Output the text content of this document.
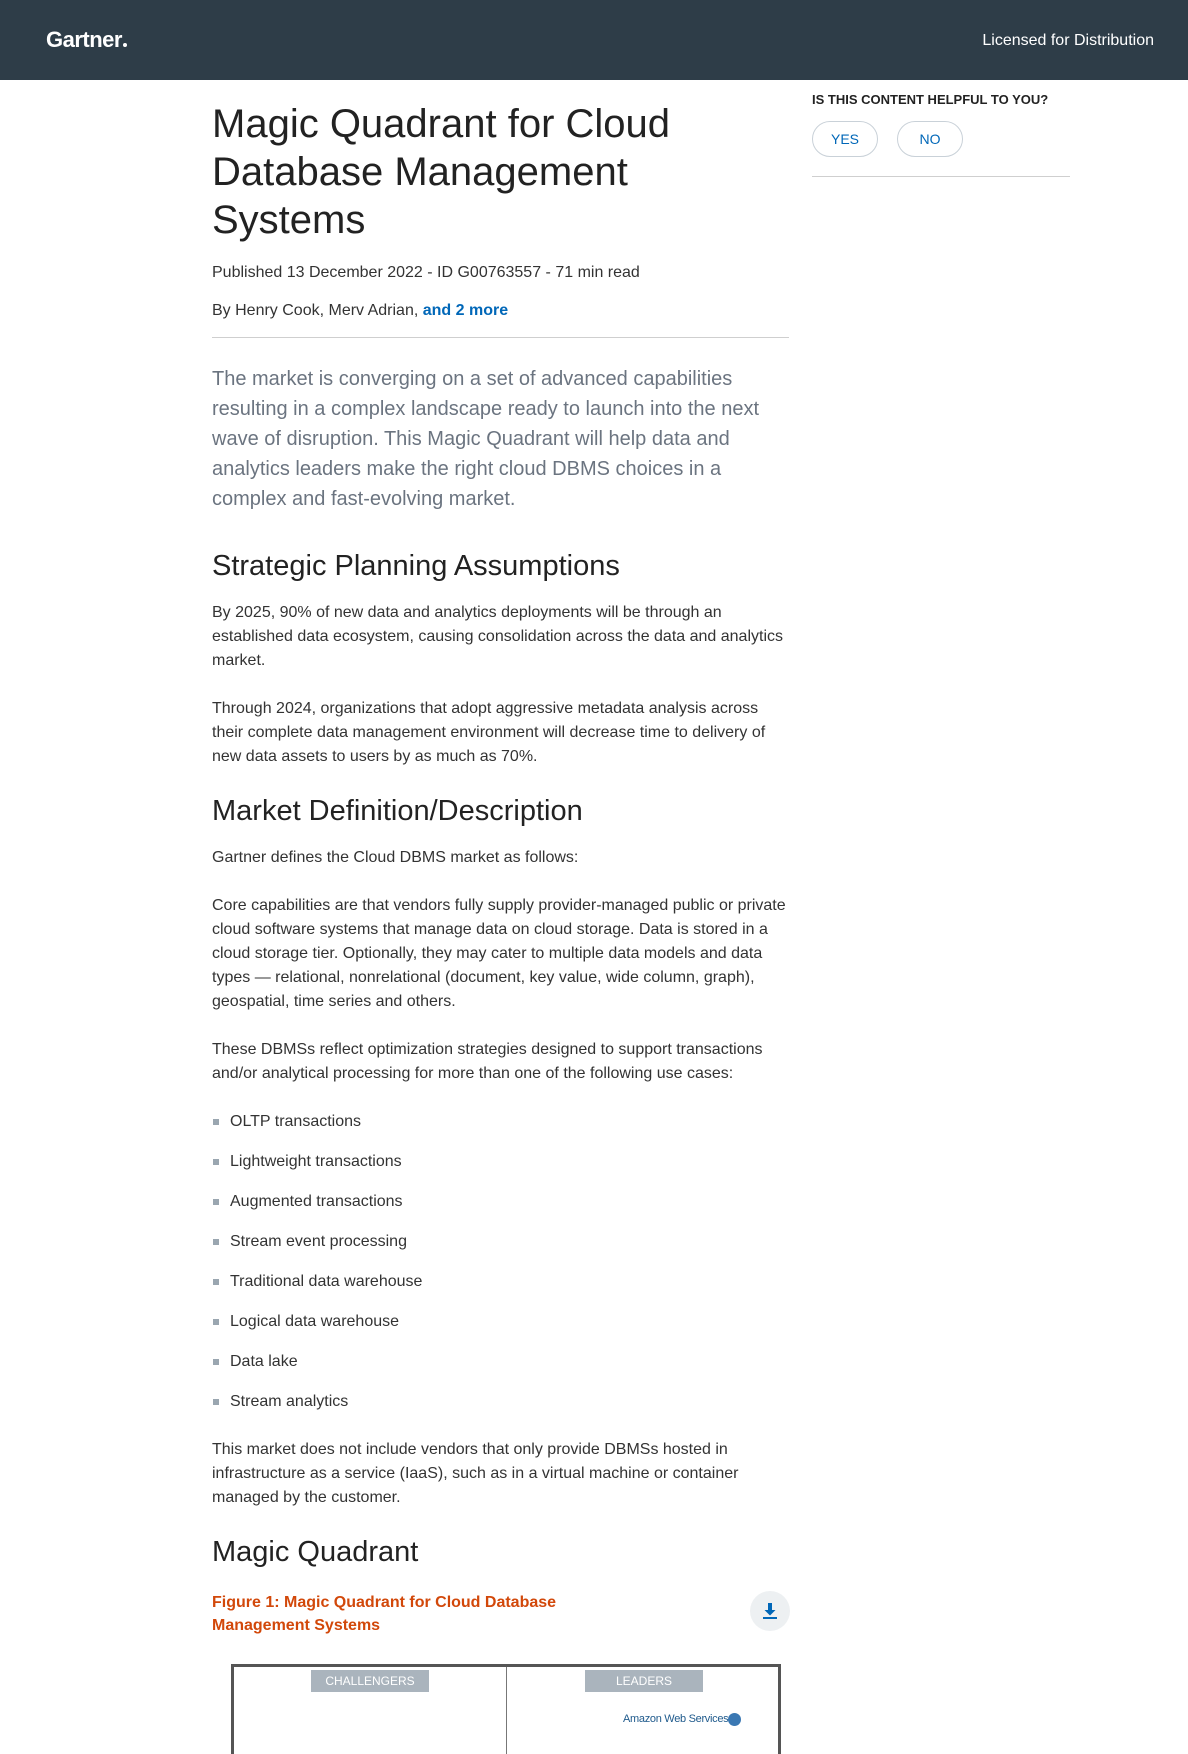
Gartner	Licensed for Distribution
Magic Quadrant for Cloud Database Management Systems
Published 13 December 2022 - ID G00763557 - 71 min read
By Henry Cook, Merv Adrian, and 2 more

The market is converging on a set of advanced capabilities resulting in a complex landscape ready to launch into the next wave of disruption. This Magic Quadrant will help data and analytics leaders make the right cloud DBMS choices in a complex and fast-evolving market.

Strategic Planning Assumptions

By 2025, 90% of new data and analytics deployments will be through an established data ecosystem, causing consolidation across the data and analytics market.

Through 2024, organizations that adopt aggressive metadata analysis across their complete data management environment will decrease time to delivery of new data assets to users by as much as 70%.

Market Definition/Description

Gartner defines the Cloud DBMS market as follows:

Core capabilities are that vendors fully supply provider-managed public or private cloud software systems that manage data on cloud storage. Data is stored in a cloud storage tier. Optionally, they may cater to multiple data models and data types — relational, nonrelational (document, key value, wide column, graph), geospatial, time series and others.

These DBMSs reflect optimization strategies designed to support transactions and/or analytical processing for more than one of the following use cases:

OLTP transactions
Lightweight transactions
Augmented transactions
Stream event processing
Traditional data warehouse
Logical data warehouse
Data lake
Stream analytics

This market does not include vendors that only provide DBMSs hosted in infrastructure as a service (IaaS), such as in a virtual machine or container managed by the customer.

Magic Quadrant
Figure 1: Magic Quadrant for Cloud Database Management Systems
CHALLENGERS	LEADERS
Amazon Web Services
IS THIS CONTENT HELPFUL TO YOU?
YES	NO
